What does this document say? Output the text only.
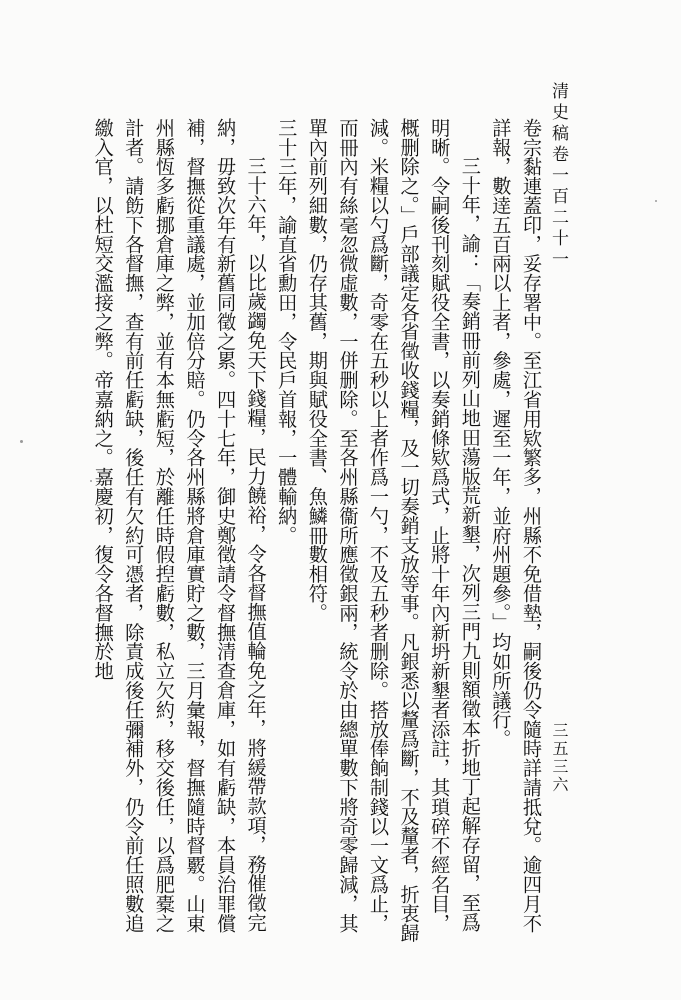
清史稿卷一百二十一
三五三六

卷宗黏連蓋印，妥存署中。至江省用欵繁多，州縣不免借墊，嗣後仍令隨時詳請抵兌。逾四月不詳報，數逹五百兩以上者，參處，遲至一年，並府州題參。」均如所議行。

三十年，諭：「奏銷冊前列山地田蕩版荒新墾，次列三門九則額徵本折地丁起解存留，至爲明晰。令嗣後刊刻賦役全書，以奏銷條欵爲式，止將十年內新坍新墾者添註，其瑣碎不經名目，概删除之。」戶部議定各省徵收錢糧，及一切奏銷支放等事。凡銀悉以釐爲斷，不及釐者，折衷歸減。米糧以勺爲斷，奇零在五秒以上者作爲一勺，不及五秒者删除。搭放俸餉制錢以一文爲止，而冊內有絲毫忽微虛數，一併删除。至各州縣衞所應徵銀兩，統令於由總單數下將奇零歸減，其單內前列細數，仍存其舊，期與賦役全書、魚鱗冊數相符。

三十三年，諭直省勳田，令民戶首報，一體輸納。

三十六年，以比歲蠲免天下錢糧，民力饒裕，令各督撫值輪免之年，將緩帶款項，務催徵完納，毋致次年有新舊同徵之累。四十七年，御史鄭徵請令督撫清查倉庫，如有虧缺，本員治罪償補，督撫從重議處，並加倍分賠。仍令各州縣將倉庫實貯之數，三月彙報，督撫隨時督覈。山東州縣恆多虧挪倉庫之弊，並有本無虧短，於離任時假揑虧數，私立欠約，移交後任，以爲肥橐之計者。請飭下各督撫，查有前任虧缺，後任有欠約可憑者，除責成後任彌補外，仍令前任照數追繳入官，以杜短交濫接之弊。帝嘉納之。嘉慶初，復令各督撫於地
